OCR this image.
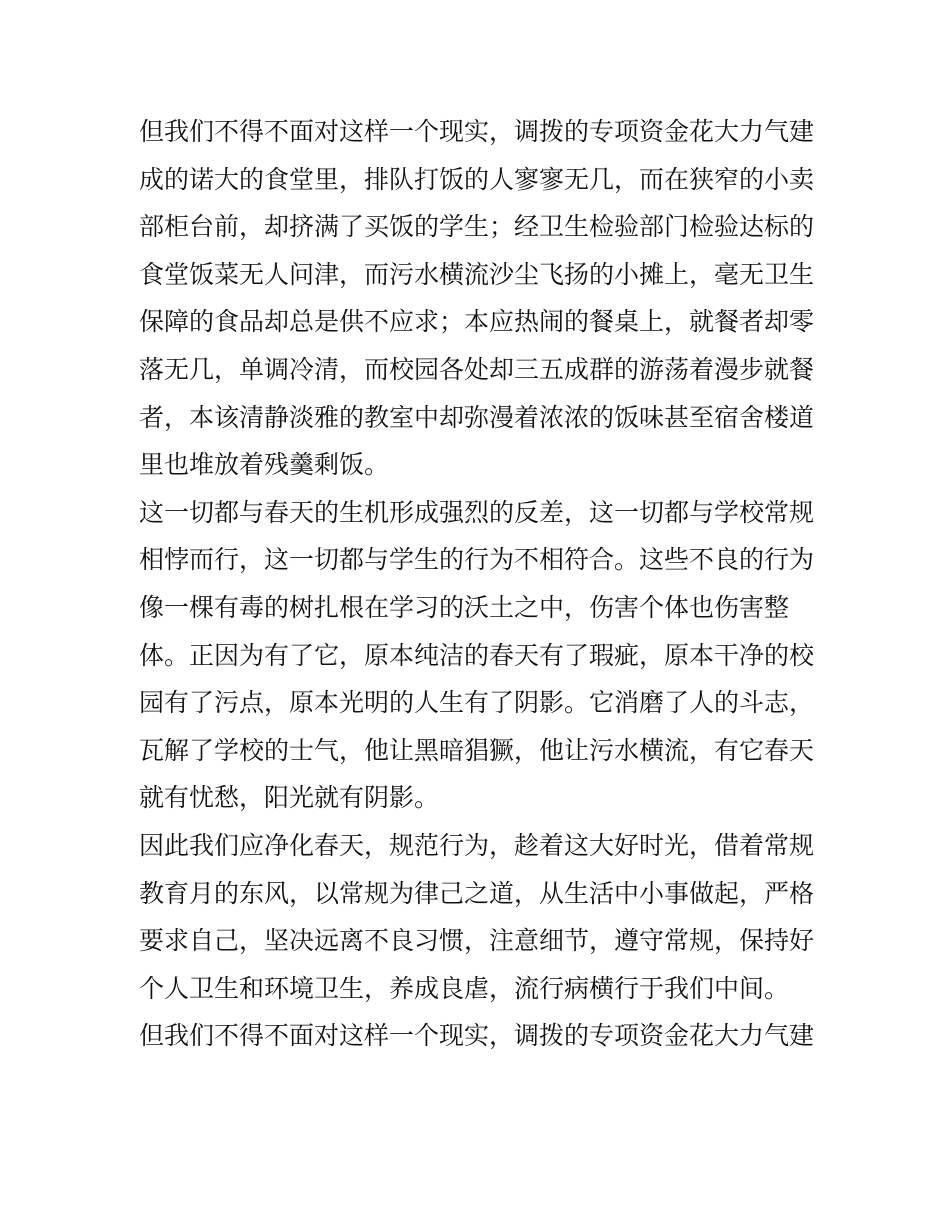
但我们不得不面对这样一个现实，调拨的专项资金花大力气建
成的诺大的食堂里，排队打饭的人寥寥无几，而在狭窄的小卖
部柜台前，却挤满了买饭的学生；经卫生检验部门检验达标的
食堂饭菜无人问津，而污水横流沙尘飞扬的小摊上，毫无卫生
保障的食品却总是供不应求；本应热闹的餐桌上，就餐者却零
落无几，单调冷清，而校园各处却三五成群的游荡着漫步就餐
者，本该清静淡雅的教室中却弥漫着浓浓的饭味甚至宿舍楼道
里也堆放着残羹剩饭。
这一切都与春天的生机形成强烈的反差，这一切都与学校常规
相悖而行，这一切都与学生的行为不相符合。这些不良的行为
像一棵有毒的树扎根在学习的沃土之中，伤害个体也伤害整
体。正因为有了它，原本纯洁的春天有了瑕疵，原本干净的校
园有了污点，原本光明的人生有了阴影。它消磨了人的斗志，
瓦解了学校的士气，他让黑暗猖獗，他让污水横流，有它春天
就有忧愁，阳光就有阴影。
因此我们应净化春天，规范行为，趁着这大好时光，借着常规
教育月的东风，以常规为律己之道，从生活中小事做起，严格
要求自己，坚决远离不良习惯，注意细节，遵守常规，保持好
个人卫生和环境卫生，养成良虐，流行病横行于我们中间。
但我们不得不面对这样一个现实，调拨的专项资金花大力气建
